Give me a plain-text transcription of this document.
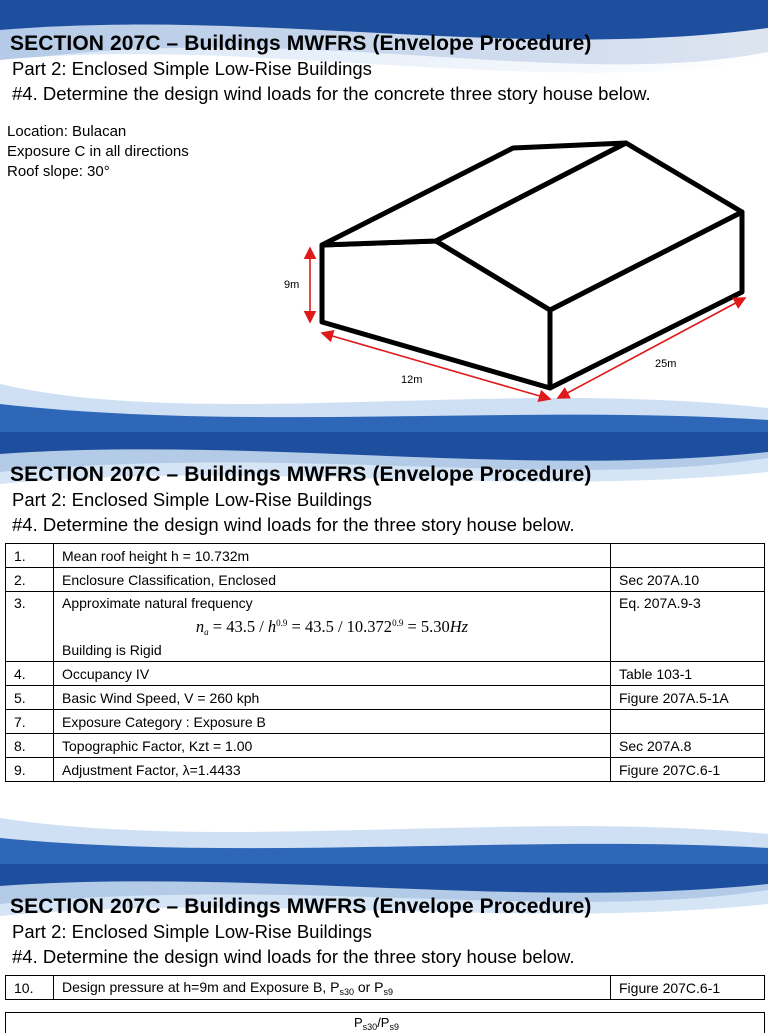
SECTION 207C – Buildings MWFRS (Envelope Procedure)
Part 2: Enclosed Simple Low-Rise Buildings
#4. Determine the design wind loads for the concrete three story house below.
Location: Bulacan
Exposure C in all directions
Roof slope: 30°
9m
12m
25m
SECTION 207C – Buildings MWFRS (Envelope Procedure)
Part 2: Enclosed Simple Low-Rise Buildings
#4. Determine the design wind loads for the three story house below.
1.	Mean roof height h = 10.732m	
2.	Enclosure Classification, Enclosed	Sec 207A.10
3.	Approximate natural frequency
$n_a = 43.5 / h^{0.9} = 43.5 / 10.372^{0.9} = 5.30Hz$
Building is Rigid	Eq. 207A.9-3
4.	Occupancy IV	Table 103-1
5.	Basic Wind Speed, V = 260 kph	Figure 207A.5-1A
7.	Exposure Category : Exposure B	
8.	Topographic Factor, Kzt = 1.00	Sec 207A.8
9.	Adjustment Factor, λ=1.4433	Figure 207C.6-1
SECTION 207C – Buildings MWFRS (Envelope Procedure)
Part 2: Enclosed Simple Low-Rise Buildings
#4. Determine the design wind loads for the three story house below.
10.	Design pressure at h=9m and Exposure B, $P_{s30}$ or $P_{s9}$	Figure 207C.6-1
$P_{s30}/P_{s9}$
